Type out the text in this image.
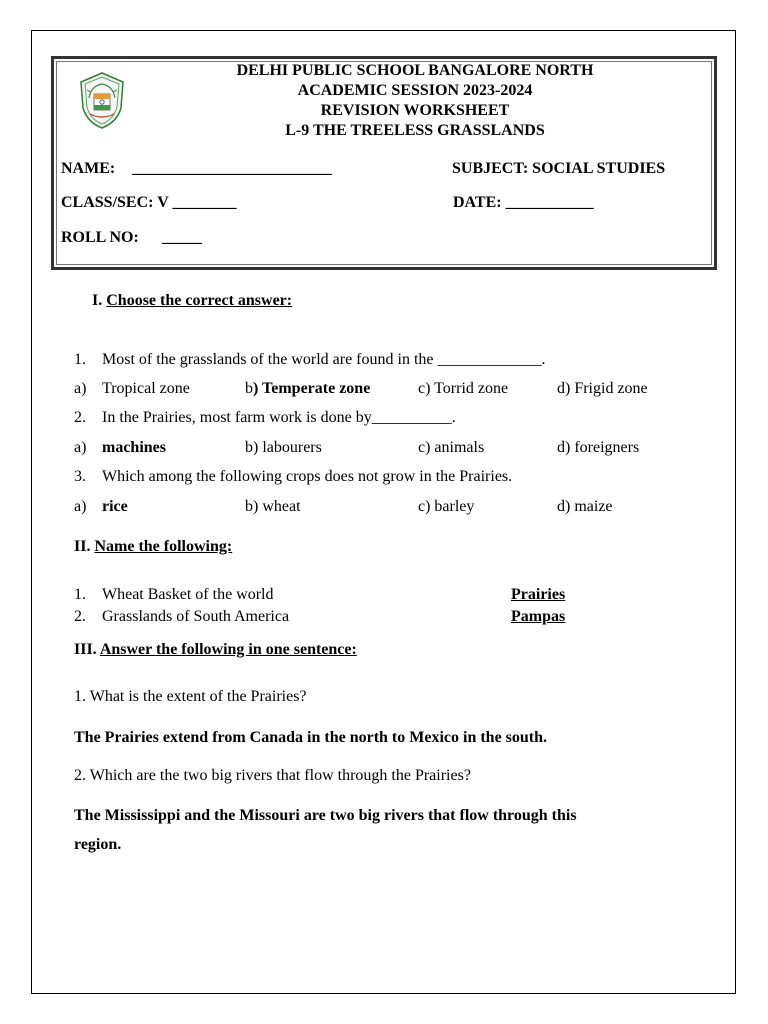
DELHI PUBLIC SCHOOL BANGALORE NORTH
ACADEMIC SESSION 2023-2024
REVISION WORKSHEET
L-9 THE TREELESS GRASSLANDS
NAME: _________________________	SUBJECT: SOCIAL STUDIES
CLASS/SEC: V ________	DATE: ___________
ROLL NO: _____
I. Choose the correct answer:
1. Most of the grasslands of the world are found in the _____________.
a) Tropical zone	b) Temperate zone	c) Torrid zone	d) Frigid zone
2. In the Prairies, most farm work is done by__________.
a) machines	b) labourers	c) animals	d) foreigners
3. Which among the following crops does not grow in the Prairies.
a) rice	b) wheat	c) barley	d) maize
II. Name the following:
1. Wheat Basket of the world	Prairies
2. Grasslands of South America	Pampas
III. Answer the following in one sentence:
1. What is the extent of the Prairies?
The Prairies extend from Canada in the north to Mexico in the south.
2. Which are the two big rivers that flow through the Prairies?
The Mississippi and the Missouri are two big rivers that flow through this
region.
